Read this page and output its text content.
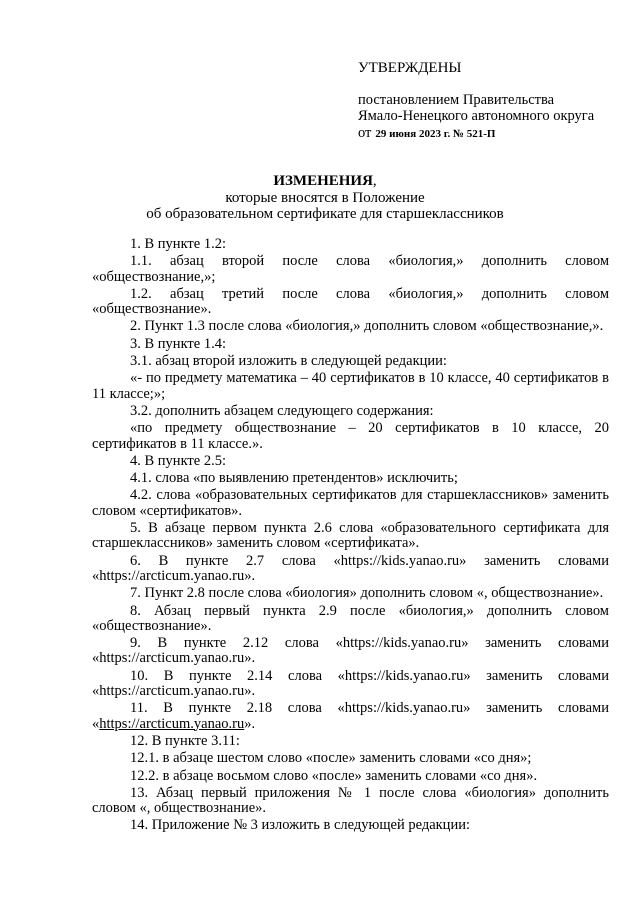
УТВЕРЖДЕНЫ
постановлением Правительства
Ямало-Ненецкого автономного округа
от 29 июня 2023 г. № 521-П
ИЗМЕНЕНИЯ,
которые вносятся в Положение
об образовательном сертификате для старшеклассников
1. В пункте 1.2:
1.1. абзац второй после слова «биология,» дополнить словом «обществознание,»;
1.2. абзац третий после слова «биология,» дополнить словом «обществознание».
2. Пункт 1.3 после слова «биология,» дополнить словом «обществознание,».
3. В пункте 1.4:
3.1. абзац второй изложить в следующей редакции:
«- по предмету математика – 40 сертификатов в 10 классе, 40 сертификатов в 11 классе;»;
3.2. дополнить абзацем следующего содержания:
«по предмету обществознание – 20 сертификатов в 10 классе, 20 сертификатов в 11 классе.».
4. В пункте 2.5:
4.1. слова «по выявлению претендентов» исключить;
4.2. слова «образовательных сертификатов для старшеклассников» заменить словом «сертификатов».
5. В абзаце первом пункта 2.6 слова «образовательного сертификата для старшеклассников» заменить словом «сертификата».
6. В пункте 2.7 слова «https://kids.yanao.ru» заменить словами «https://arcticum.yanao.ru».
7. Пункт 2.8 после слова «биология» дополнить словом «, обществознание».
8. Абзац первый пункта 2.9 после «биология,» дополнить словом «обществознание».
9. В пункте 2.12 слова «https://kids.yanao.ru» заменить словами «https://arcticum.yanao.ru».
10. В пункте 2.14 слова «https://kids.yanao.ru» заменить словами «https://arcticum.yanao.ru».
11. В пункте 2.18 слова «https://kids.yanao.ru» заменить словами «https://arcticum.yanao.ru».
12. В пункте 3.11:
12.1. в абзаце шестом слово «после» заменить словами «со дня»;
12.2. в абзаце восьмом слово «после» заменить словами «со дня».
13. Абзац первый приложения № 1 после слова «биология» дополнить словом «, обществознание».
14. Приложение № 3 изложить в следующей редакции:
